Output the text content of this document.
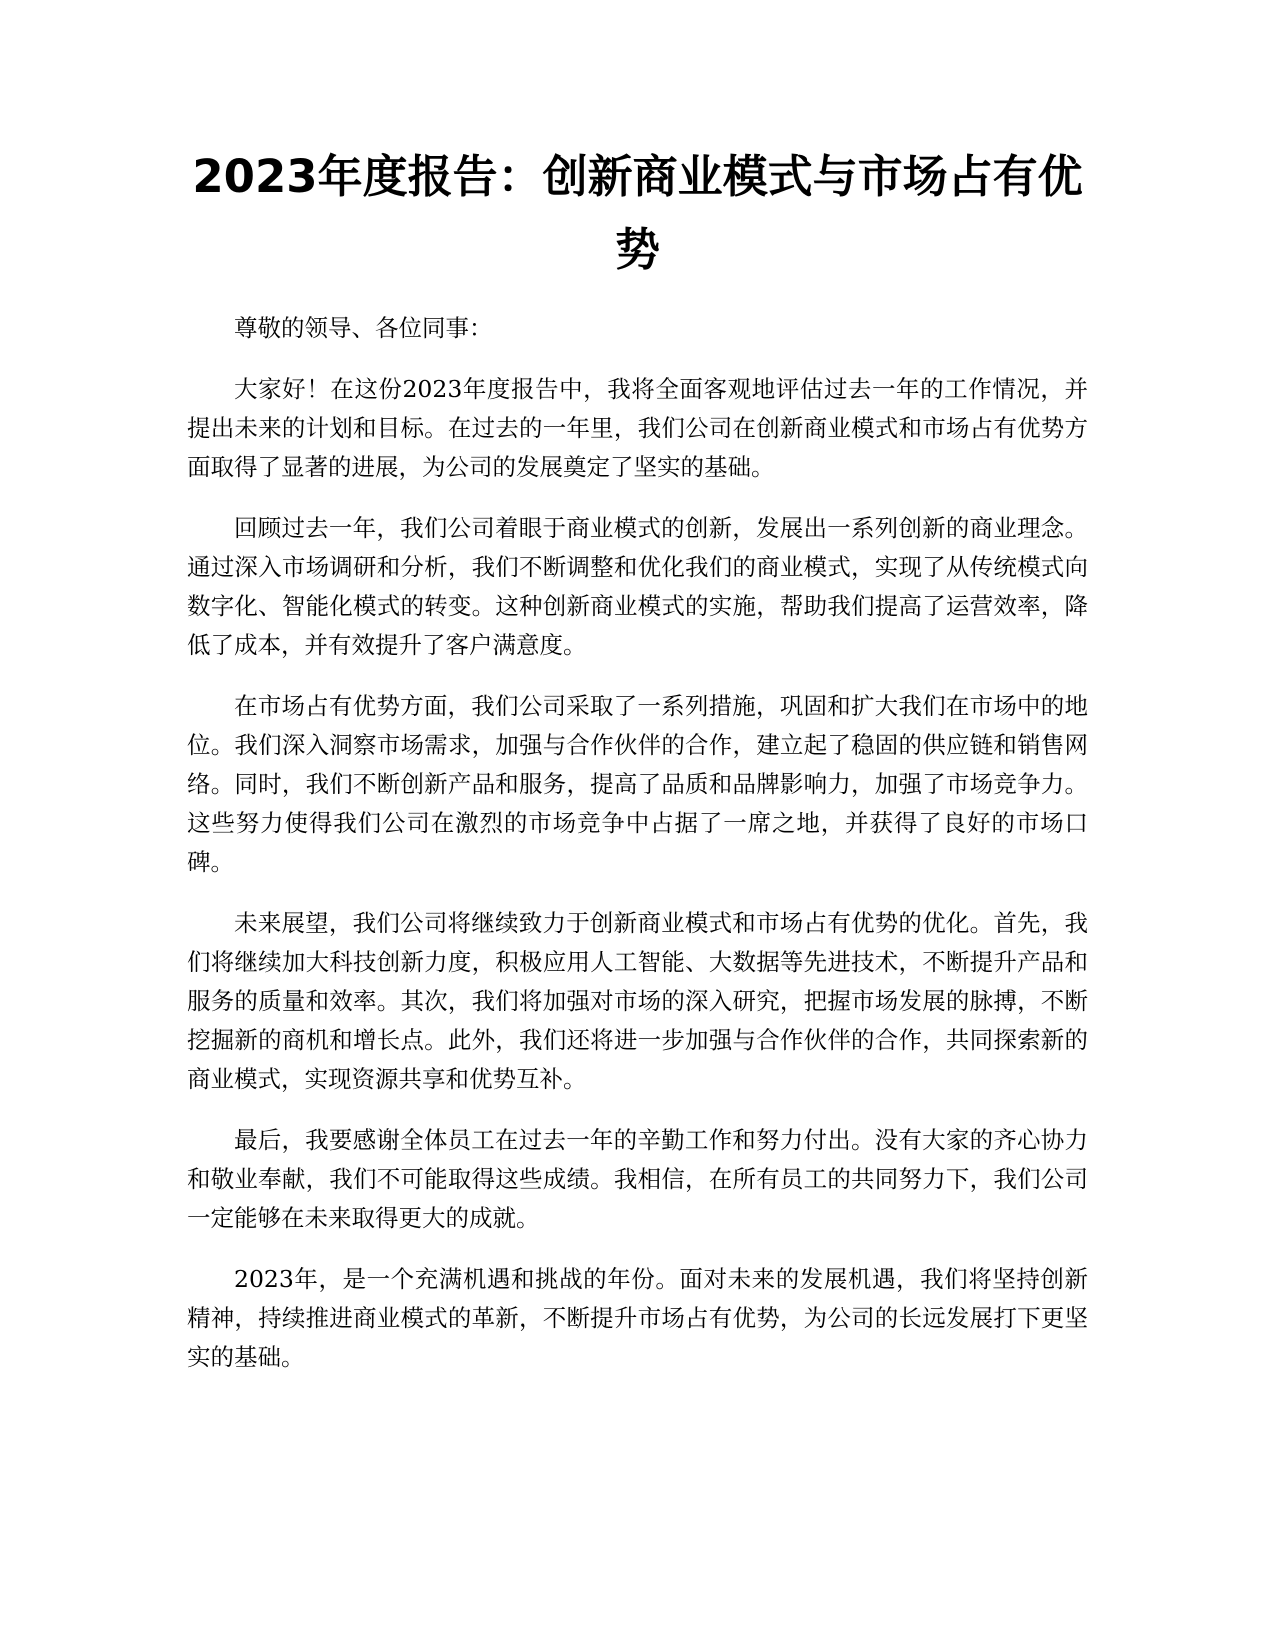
2023年度报告：创新商业模式与市场占有优势

尊敬的领导、各位同事：

大家好！在这份2023年度报告中，我将全面客观地评估过去一年的工作情况，并提出未来的计划和目标。在过去的一年里，我们公司在创新商业模式和市场占有优势方面取得了显著的进展，为公司的发展奠定了坚实的基础。

回顾过去一年，我们公司着眼于商业模式的创新，发展出一系列创新的商业理念。通过深入市场调研和分析，我们不断调整和优化我们的商业模式，实现了从传统模式向数字化、智能化模式的转变。这种创新商业模式的实施，帮助我们提高了运营效率，降低了成本，并有效提升了客户满意度。

在市场占有优势方面，我们公司采取了一系列措施，巩固和扩大我们在市场中的地位。我们深入洞察市场需求，加强与合作伙伴的合作，建立起了稳固的供应链和销售网络。同时，我们不断创新产品和服务，提高了品质和品牌影响力，加强了市场竞争力。这些努力使得我们公司在激烈的市场竞争中占据了一席之地，并获得了良好的市场口碑。

未来展望，我们公司将继续致力于创新商业模式和市场占有优势的优化。首先，我们将继续加大科技创新力度，积极应用人工智能、大数据等先进技术，不断提升产品和服务的质量和效率。其次，我们将加强对市场的深入研究，把握市场发展的脉搏，不断挖掘新的商机和增长点。此外，我们还将进一步加强与合作伙伴的合作，共同探索新的商业模式，实现资源共享和优势互补。

最后，我要感谢全体员工在过去一年的辛勤工作和努力付出。没有大家的齐心协力和敬业奉献，我们不可能取得这些成绩。我相信，在所有员工的共同努力下，我们公司一定能够在未来取得更大的成就。

2023年，是一个充满机遇和挑战的年份。面对未来的发展机遇，我们将坚持创新精神，持续推进商业模式的革新，不断提升市场占有优势，为公司的长远发展打下更坚实的基础。
